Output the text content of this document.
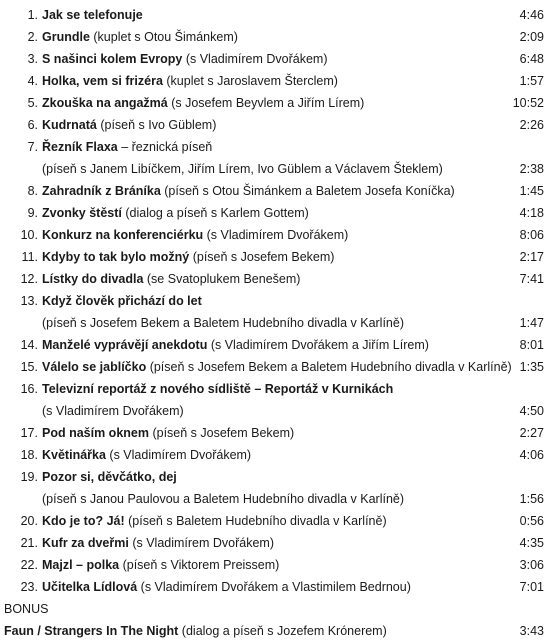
1. Jak se telefonuje	4:46
2. Grundle (kuplet s Otou Šimánkem)	2:09
3. S našinci kolem Evropy (s Vladimírem Dvořákem)	6:48
4. Holka, vem si frizéra (kuplet s Jaroslavem Šterclem)	1:57
5. Zkouška na angažmá (s Josefem Beyvlem a Jiřím Lírem)	10:52
6. Kudrnatá (píseň s Ivo Güblem)	2:26
7. Řezník Flaxa – řeznická píseň
(píseň s Janem Libíčkem, Jiřím Lírem, Ivo Güblem a Václavem Šteklem)	2:38
8. Zahradník z Bráníka (píseň s Otou Šimánkem a Baletem Josefa Koníčka)	1:45
9. Zvonky štěstí (dialog a píseň s Karlem Gottem)	4:18
10. Konkurz na konferenciérku (s Vladimírem Dvořákem)	8:06
11. Kdyby to tak bylo možný (píseň s Josefem Bekem)	2:17
12. Lístky do divadla (se Svatoplukem Benešem)	7:41
13. Když člověk přichází do let
(píseň s Josefem Bekem a Baletem Hudebního divadla v Karlíně)	1:47
14. Manželé vyprávějí anekdotu (s Vladimírem Dvořákem a Jiřím Lírem)	8:01
15. Válelo se jablíčko (píseň s Josefem Bekem a Baletem Hudebního divadla v Karlíně) 1:35
16. Televizní reportáž z nového sídliště – Reportáž v Kurnikách
(s Vladimírem Dvořákem)	4:50
17. Pod naším oknem (píseň s Josefem Bekem)	2:27
18. Květinářka (s Vladimírem Dvořákem)	4:06
19. Pozor si, děvčátko, dej
(píseň s Janou Paulovou a Baletem Hudebního divadla v Karlíně)	1:56
20. Kdo je to? Já! (píseň s Baletem Hudebního divadla v Karlíně)	0:56
21. Kufr za dveřmi (s Vladimírem Dvořákem)	4:35
22. Majzl – polka (píseň s Viktorem Preissem)	3:06
23. Učitelka Lídlová (s Vladimírem Dvořákem a Vlastimilem Bedrnou)	7:01
BONUS
Faun / Strangers In The Night (dialog a píseň s Jozefem Krónerem)	3:43
